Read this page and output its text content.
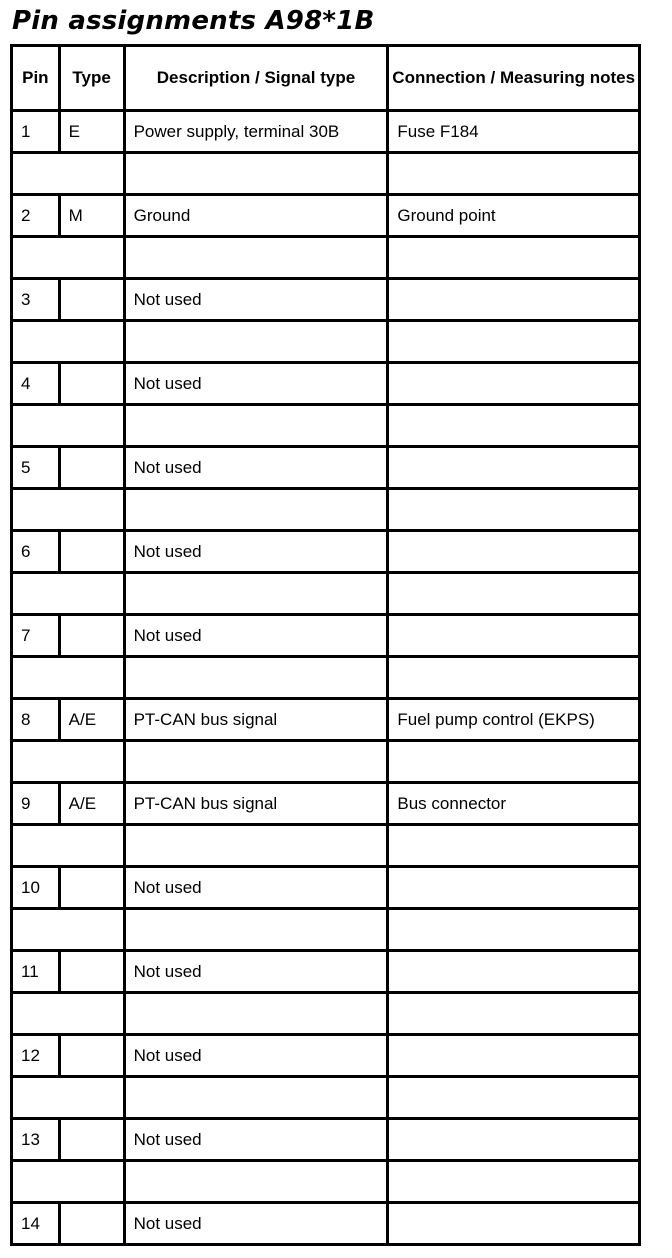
Pin assignments A98*1B
Pin	Type	Description / Signal type	Connection / Measuring notes
1	E	Power supply, terminal 30B	Fuse F184

2	M	Ground	Ground point

3		Not used	

4		Not used	

5		Not used	

6		Not used	

7		Not used	

8	A/E	PT-CAN bus signal	Fuel pump control (EKPS)

9	A/E	PT-CAN bus signal	Bus connector

10		Not used	

11		Not used	

12		Not used	

13		Not used	

14		Not used	
